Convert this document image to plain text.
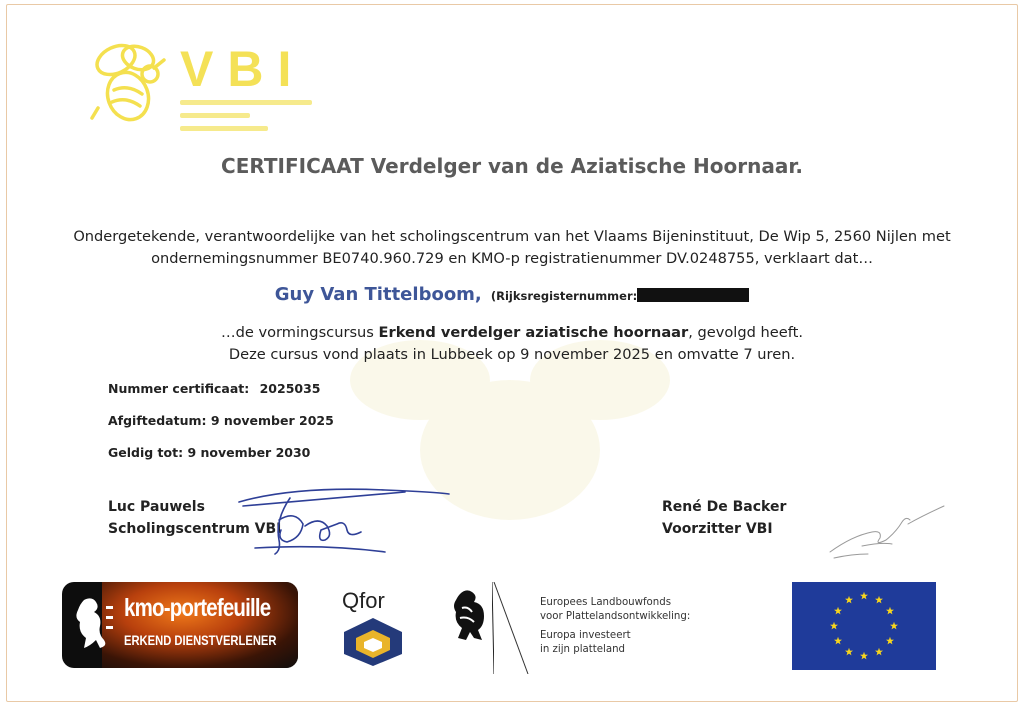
VBI
CERTIFICAAT Verdelger van de Aziatische Hoornaar.
Ondergetekende, verantwoordelijke van het scholingscentrum van het Vlaams Bijeninstituut, De Wip 5, 2560 Nijlen met
ondernemingsnummer BE0740.960.729 en KMO-p registratienummer DV.0248755, verklaart dat…
Guy Van Tittelboom, (Rijksregisternummer:
…de vormingscursus Erkend verdelger aziatische hoornaar, gevolgd heeft.
Deze cursus vond plaats in Lubbeek op 9 november 2025 en omvatte 7 uren.
Nummer certificaat: 2025035
Afgiftedatum: 9 november 2025
Geldig tot: 9 november 2030
Luc Pauwels
Scholingscentrum VBI
René De Backer
Voorzitter VBI
kmo-portefeuille
ERKEND DIENSTVERLENER
Qfor	Europees Landbouwfonds
voor Plattelandsontwikkeling:
Europa investeert
in zijn platteland
